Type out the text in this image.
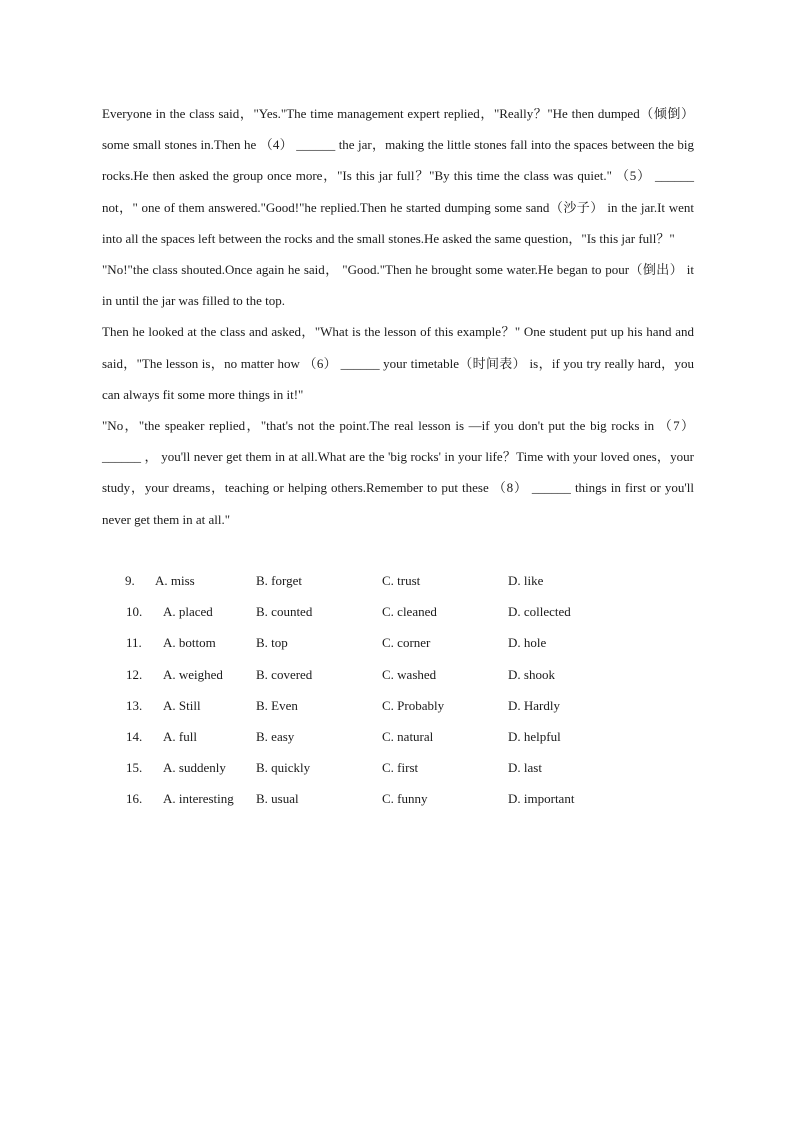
Everyone in the class said，"Yes."The time management expert replied，"Really？"He then dumped（倾倒） some small stones in.Then he （4） ______ the jar，making the little stones fall into the spaces between the big rocks.He then asked the group once more，"Is this jar full？"By this time the class was quiet." （5） ______ not，" one of them answered."Good!"he replied.Then he started dumping some sand（沙子） in the jar.It went into all the spaces left between the rocks and the small stones.He asked the same question，"Is this jar full？"

"No!"the class shouted.Once again he said， "Good."Then he brought some water.He began to pour（倒出） it in until the jar was filled to the top.

Then he looked at the class and asked，"What is the lesson of this example？" One student put up his hand and said，"The lesson is，no matter how （6） ______ your timetable（时间表） is，if you try really hard，you can always fit some more things in it!"

"No，"the speaker replied，"that's not the point.The real lesson is —if you don't put the big rocks in （7） ______ ， you'll never get them in at all.What are the 'big rocks' in your life？Time with your loved ones，your study，your dreams，teaching or helping others.Remember to put these （8） ______ things in first or you'll never get them in at all."

9. A. miss	B. forget	C. trust	D. like
10. A. placed	B. counted	C. cleaned	D. collected
11. A. bottom	B. top	C. corner	D. hole
12. A. weighed	B. covered	C. washed	D. shook
13. A. Still	B. Even	C. Probably	D. Hardly
14. A. full	B. easy	C. natural	D. helpful
15. A. suddenly B. quickly	C. first	D. last
16. A. interesting B. usual	C. funny	D. important
